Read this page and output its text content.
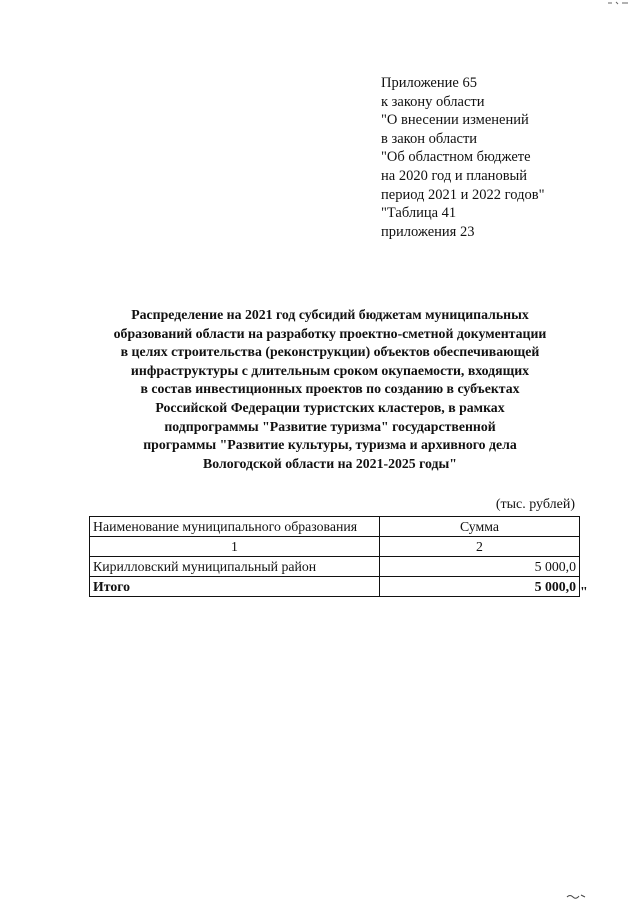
Приложение 65
к закону области
"О внесении изменений
в закон области
"Об областном бюджете
на 2020 год и плановый
период 2021 и 2022 годов"
"Таблица 41
приложения 23
Распределение на 2021 год субсидий бюджетам муниципальных
образований области на разработку проектно-сметной документации
в целях строительства (реконструкции) объектов обеспечивающей
инфраструктуры с длительным сроком окупаемости, входящих
в состав инвестиционных проектов по созданию в субъектах
Российской Федерации туристских кластеров, в рамках
подпрограммы "Развитие туризма" государственной
программы "Развитие культуры, туризма и архивного дела
Вологодской области на 2021-2025 годы"
(тыс. рублей)
Наименование муниципального образования	Сумма
1	2
Кирилловский муниципальный район	5 000,0
Итого	5 000,0 "
